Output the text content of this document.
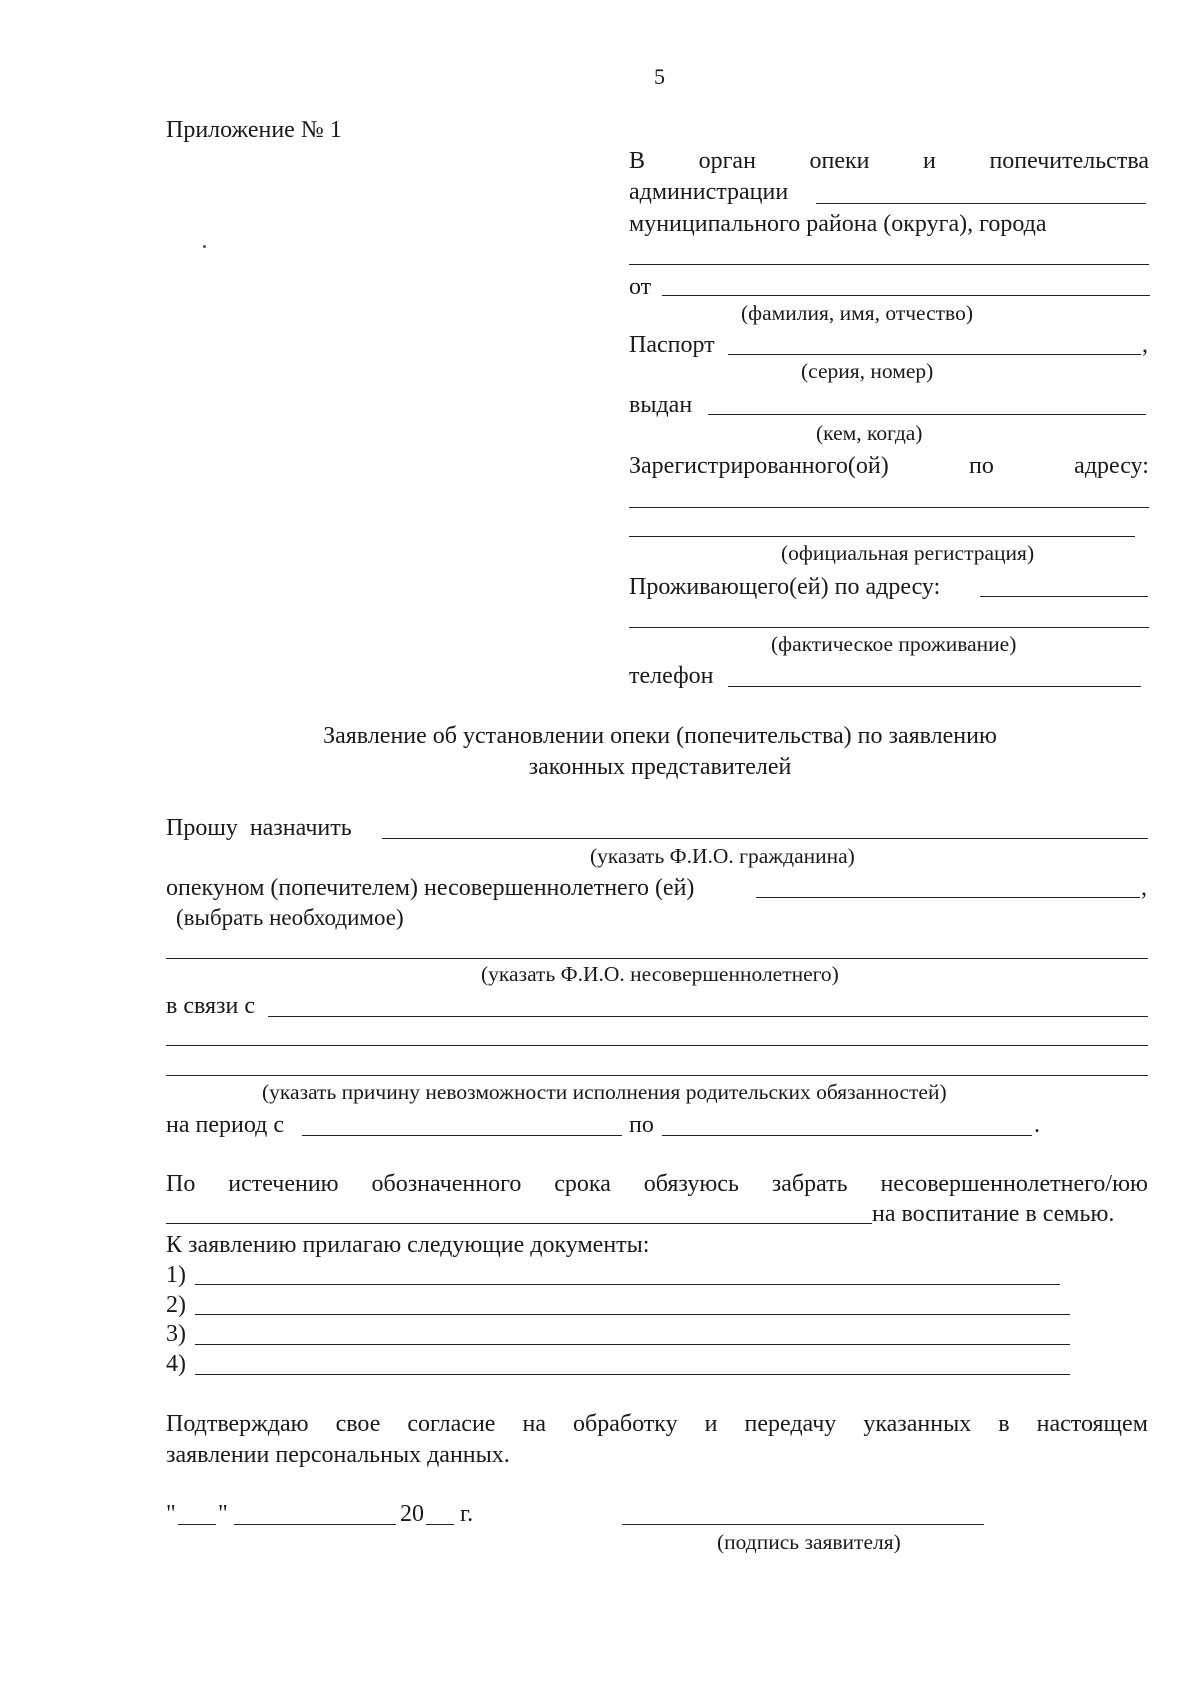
5
Приложение № 1
В орган опеки и попечительства
администрации
муниципального района (округа), города
от
(фамилия, имя, отчество)
Паспорт	,
(серия, номер)
выдан
(кем, когда)
Зарегистрированного(ой)	по	адресу:
(официальная регистрация)
Проживающего(ей) по адресу:
(фактическое проживание)
телефон
Заявление об установлении опеки (попечительства) по заявлению
законных представителей
Прошу назначить
(указать Ф.И.О. гражданина)
опекуном (попечителем) несовершеннолетнего (ей)	,
(выбрать необходимое)
(указать Ф.И.О. несовершеннолетнего)
в связи с
(указать причину невозможности исполнения родительских обязанностей)
на период с	по	.
По истечению обозначенного срока обязуюсь забрать несовершеннолетнего/юю
на воспитание в семью.
К заявлению прилагаю следующие документы:
1)
2)
3)
4)
Подтверждаю свое согласие на обработку и передачу указанных в настоящем
заявлении персональных данных.
" "	20 г.
(подпись заявителя)
